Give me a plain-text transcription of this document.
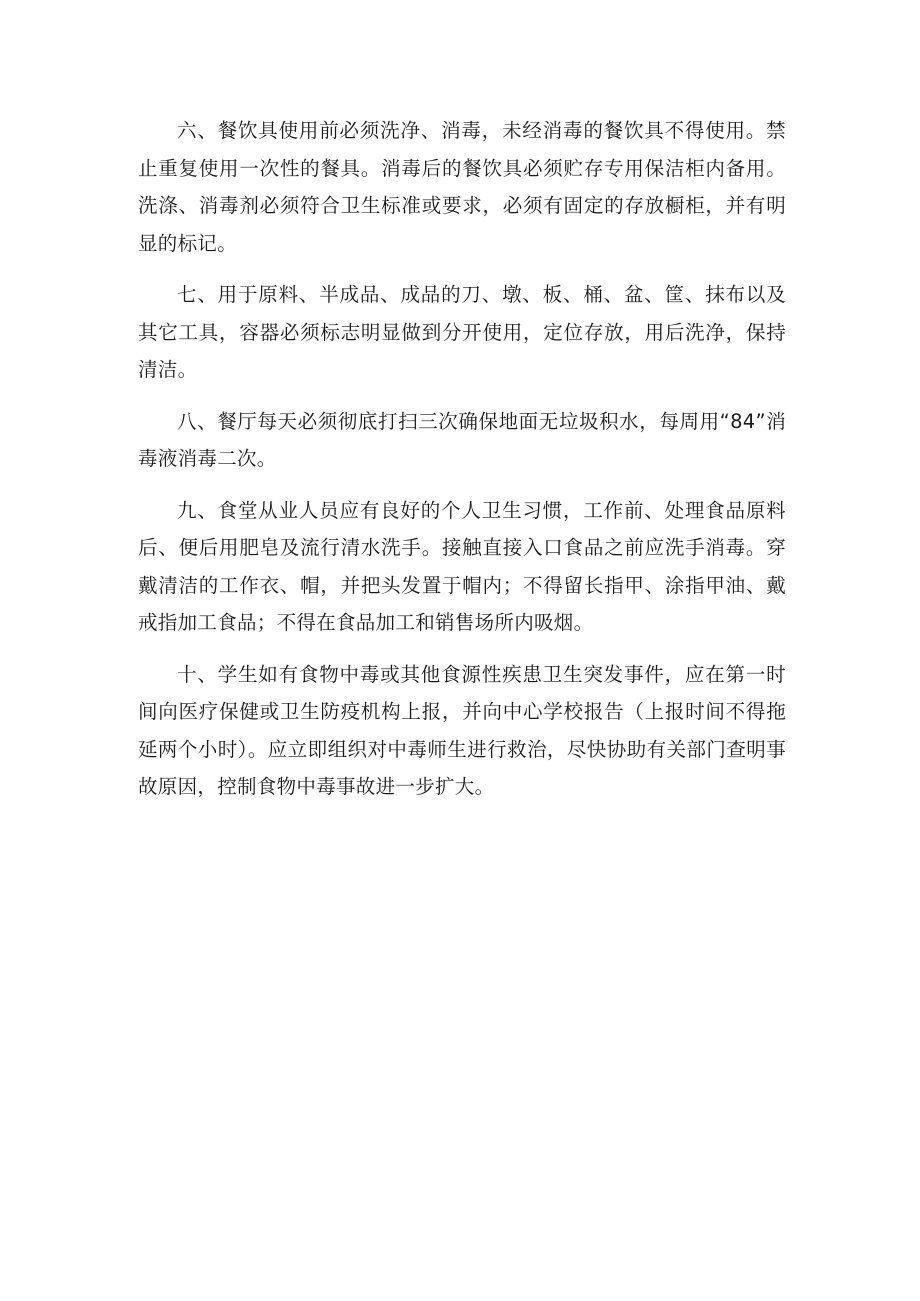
六、餐饮具使用前必须洗净、消毒，未经消毒的餐饮具不得使用。禁止重复使用一次性的餐具。消毒后的餐饮具必须贮存专用保洁柜内备用。洗涤、消毒剂必须符合卫生标准或要求，必须有固定的存放橱柜，并有明显的标记。

七、用于原料、半成品、成品的刀、墩、板、桶、盆、筐、抹布以及其它工具，容器必须标志明显做到分开使用，定位存放，用后洗净，保持清洁。

八、餐厅每天必须彻底打扫三次确保地面无垃圾积水，每周用“84”消毒液消毒二次。

九、食堂从业人员应有良好的个人卫生习惯，工作前、处理食品原料后、便后用肥皂及流行清水洗手。接触直接入口食品之前应洗手消毒。穿戴清洁的工作衣、帽，并把头发置于帽内；不得留长指甲、涂指甲油、戴戒指加工食品；不得在食品加工和销售场所内吸烟。

十、学生如有食物中毒或其他食源性疾患卫生突发事件，应在第一时间向医疗保健或卫生防疫机构上报，并向中心学校报告（上报时间不得拖延两个小时）。应立即组织对中毒师生进行救治，尽快协助有关部门查明事故原因，控制食物中毒事故进一步扩大。
